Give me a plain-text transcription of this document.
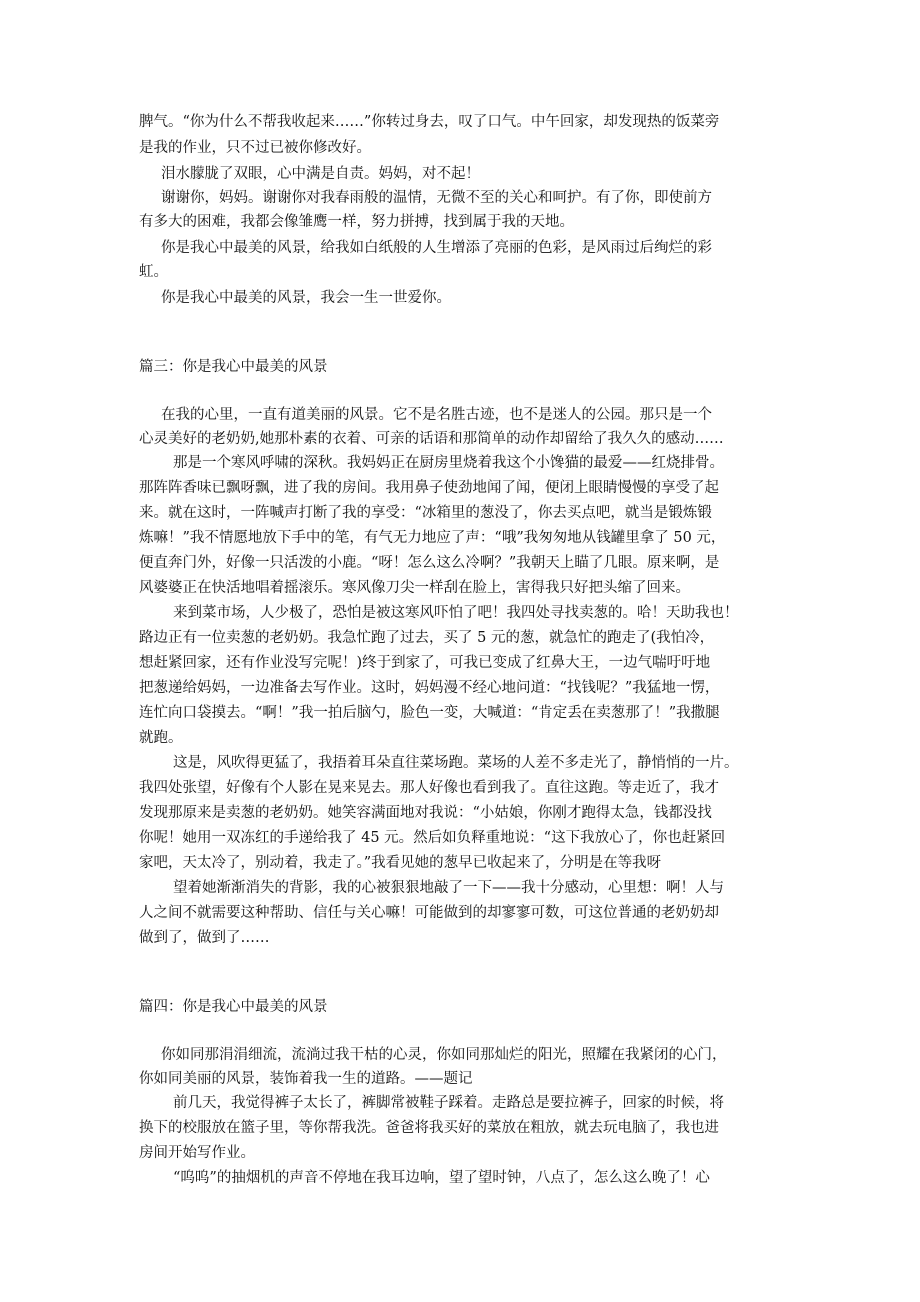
脾气。“你为什么不帮我收起来……”你转过身去，叹了口气。中午回家，却发现热的饭菜旁
是我的作业，只不过已被你修改好。
泪水朦胧了双眼，心中满是自责。妈妈，对不起！
谢谢你，妈妈。谢谢你对我春雨般的温情，无微不至的关心和呵护。有了你，即使前方
有多大的困难，我都会像雏鹰一样，努力拼搏，找到属于我的天地。
你是我心中最美的风景，给我如白纸般的人生增添了亮丽的色彩，是风雨过后绚烂的彩
虹。
你是我心中最美的风景，我会一生一世爱你。
篇三：你是我心中最美的风景
在我的心里，一直有道美丽的风景。它不是名胜古迹，也不是迷人的公园。那只是一个
心灵美好的老奶奶,她那朴素的衣着、可亲的话语和那简单的动作却留给了我久久的感动……
那是一个寒风呼啸的深秋。我妈妈正在厨房里烧着我这个小馋猫的最爱——红烧排骨。
那阵阵香味已飘呀飘，进了我的房间。我用鼻子使劲地闻了闻，便闭上眼睛慢慢的享受了起
来。就在这时，一阵喊声打断了我的享受：“冰箱里的葱没了，你去买点吧，就当是锻炼锻
炼嘛！”我不情愿地放下手中的笔，有气无力地应了声：“哦”我匆匆地从钱罐里拿了 50 元，
便直奔门外，好像一只活泼的小鹿。“呀！怎么这么冷啊？”我朝天上瞄了几眼。原来啊，是
风婆婆正在快活地唱着摇滚乐。寒风像刀尖一样刮在脸上，害得我只好把头缩了回来。
来到菜市场，人少极了，恐怕是被这寒风吓怕了吧！我四处寻找卖葱的。哈！天助我也！
路边正有一位卖葱的老奶奶。我急忙跑了过去，买了 5 元的葱，就急忙的跑走了(我怕冷，
想赶紧回家，还有作业没写完呢！)终于到家了，可我已变成了红鼻大王，一边气喘吁吁地
把葱递给妈妈，一边准备去写作业。这时，妈妈漫不经心地问道：“找钱呢？”我猛地一愣，
连忙向口袋摸去。“啊！”我一拍后脑勺，脸色一变，大喊道：“肯定丢在卖葱那了！”我撒腿
就跑。
这是，风吹得更猛了，我捂着耳朵直往菜场跑。菜场的人差不多走光了，静悄悄的一片。
我四处张望，好像有个人影在晃来晃去。那人好像也看到我了。直往这跑。等走近了，我才
发现那原来是卖葱的老奶奶。她笑容满面地对我说：“小姑娘，你刚才跑得太急，钱都没找
你呢！她用一双冻红的手递给我了 45 元。然后如负释重地说：“这下我放心了，你也赶紧回
家吧，天太冷了，别动着，我走了。”我看见她的葱早已收起来了，分明是在等我呀
望着她渐渐消失的背影，我的心被狠狠地敲了一下——我十分感动，心里想：啊！人与
人之间不就需要这种帮助、信任与关心嘛！可能做到的却寥寥可数，可这位普通的老奶奶却
做到了，做到了……
篇四：你是我心中最美的风景
你如同那涓涓细流，流淌过我干枯的心灵，你如同那灿烂的阳光，照耀在我紧闭的心门，
你如同美丽的风景，装饰着我一生的道路。——题记
前几天，我觉得裤子太长了，裤脚常被鞋子踩着。走路总是要拉裤子，回家的时候，将
换下的校服放在篮子里，等你帮我洗。爸爸将我买好的菜放在粗放，就去玩电脑了，我也进
房间开始写作业。
“呜呜”的抽烟机的声音不停地在我耳边响，望了望时钟，八点了，怎么这么晚了！心
